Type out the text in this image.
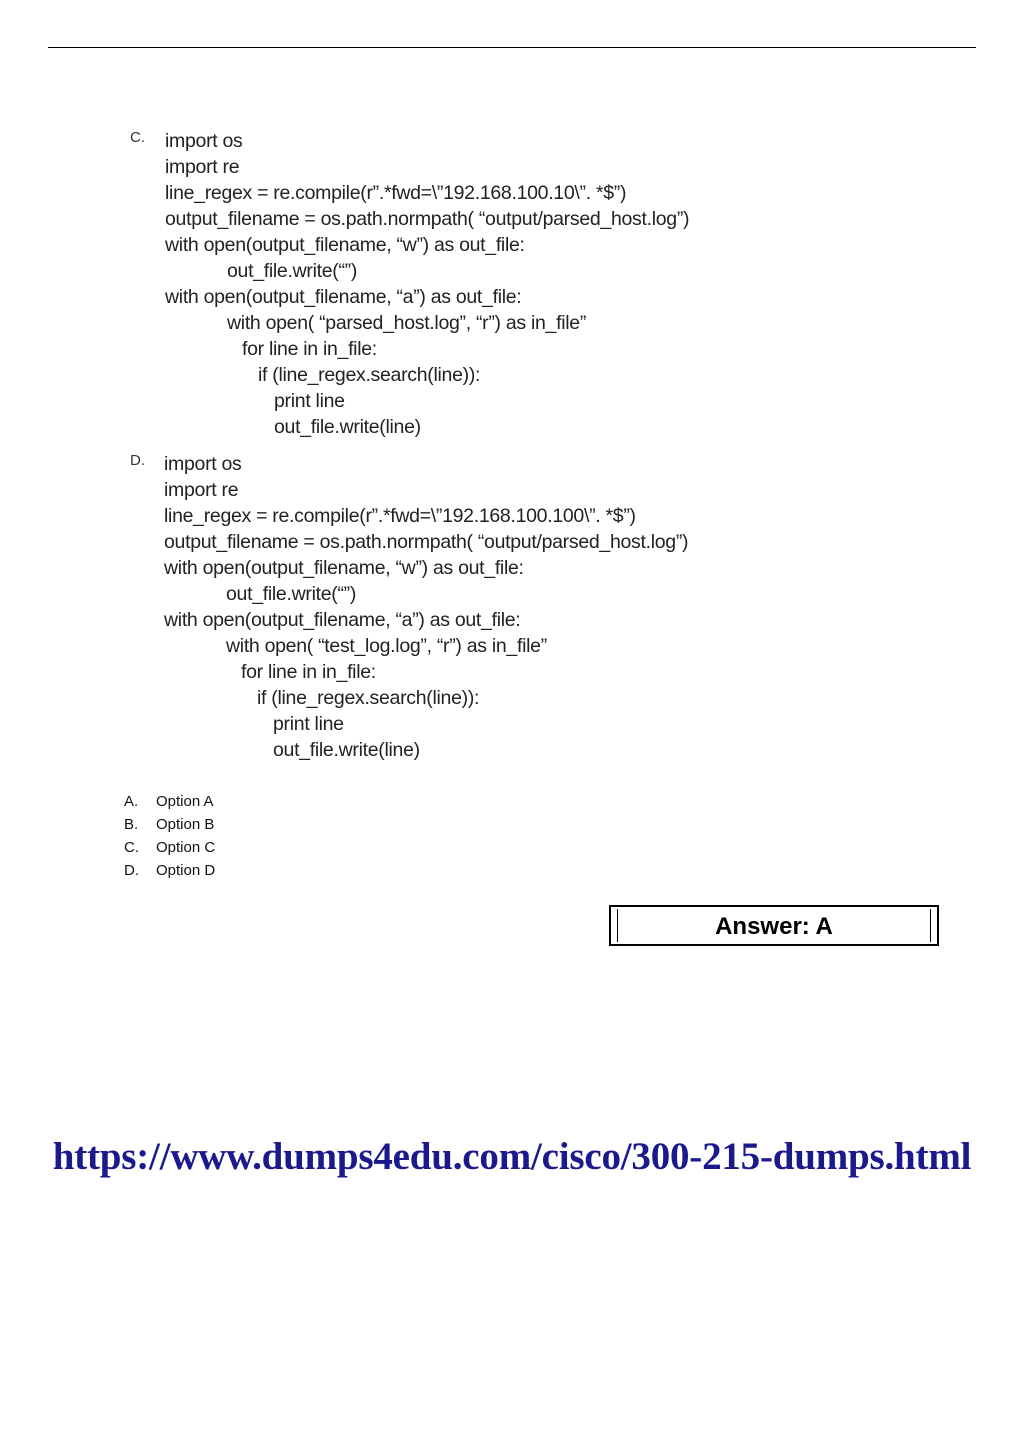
C. import os
import re
line_regex = re.compile(r”.*fwd=\”192.168.100.10\”. *$”)
output_filename = os.path.normpath( “output/parsed_host.log”)
with open(output_filename, “w”) as out_file:
out_file.write(“”)
with open(output_filename, “a”) as out_file:
with open( “parsed_host.log”, “r”) as in_file”
for line in in_file:
if (line_regex.search(line)):
print line
out_file.write(line)
D. import os
import re
line_regex = re.compile(r”.*fwd=\”192.168.100.100\”. *$”)
output_filename = os.path.normpath( “output/parsed_host.log”)
with open(output_filename, “w”) as out_file:
out_file.write(“”)
with open(output_filename, “a”) as out_file:
with open( “test_log.log”, “r”) as in_file”
for line in in_file:
if (line_regex.search(line)):
print line
out_file.write(line)
A. Option A
B. Option B
C. Option C
D. Option D
Answer: A
https://www.dumps4edu.com/cisco/300-215-dumps.html
